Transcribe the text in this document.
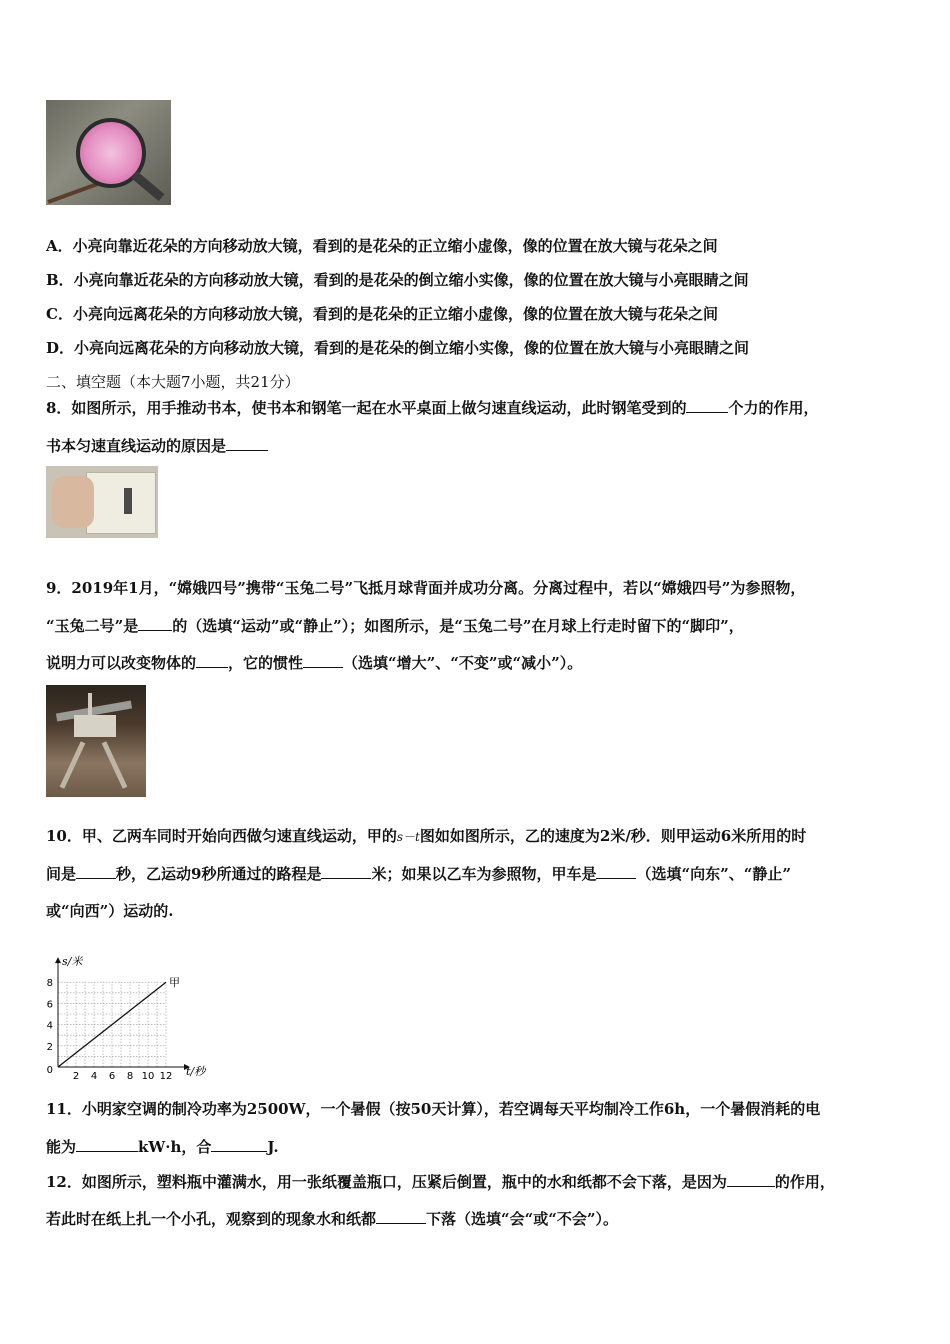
A．小亮向靠近花朵的方向移动放大镜，看到的是花朵的正立缩小虚像，像的位置在放大镜与花朵之间
B．小亮向靠近花朵的方向移动放大镜，看到的是花朵的倒立缩小实像，像的位置在放大镜与小亮眼睛之间
C．小亮向远离花朵的方向移动放大镜，看到的是花朵的正立缩小虚像，像的位置在放大镜与花朵之间
D．小亮向远离花朵的方向移动放大镜，看到的是花朵的倒立缩小实像，像的位置在放大镜与小亮眼睛之间
二、填空题（本大题7小题，共21分）
8．如图所示，用手推动书本，使书本和钢笔一起在水平桌面上做匀速直线运动，此时钢笔受到的	个力的作用，
书本匀速直线运动的原因是
9．2019年1月，“嫦娥四号”携带“玉兔二号”飞抵月球背面并成功分离。分离过程中，若以“嫦娥四号”为参照物，
“玉兔二号”是 的（选填“运动”或“静止”）；如图所示，是“玉兔二号”在月球上行走时留下的“脚印”，
说明力可以改变物体的 ，它的惯性	（选填“增大”、“不变”或“减小”）。
10．甲、乙两车同时开始向西做匀速直线运动，甲的s－t图如如图所示，乙的速度为2米/秒．则甲运动6米所用的时
间是	秒，乙运动9秒所通过的路程是	米；如果以乙车为参照物，甲车是	（选填“向东”、“静止”
或“向西”）运动的.
2 4 6 8 10 12
2
4
6
8
0
s/米
t/秒
甲
11．小明家空调的制冷功率为2500W，一个暑假（按50天计算），若空调每天平均制冷工作6h，一个暑假消耗的电
能为	kW·h，合	J.
12．如图所示，塑料瓶中灌满水，用一张纸覆盖瓶口，压紧后倒置，瓶中的水和纸都不会下落，是因为	的作用，
若此时在纸上扎一个小孔，观察到的现象水和纸都	下落（选填“会“或“不会”）。
